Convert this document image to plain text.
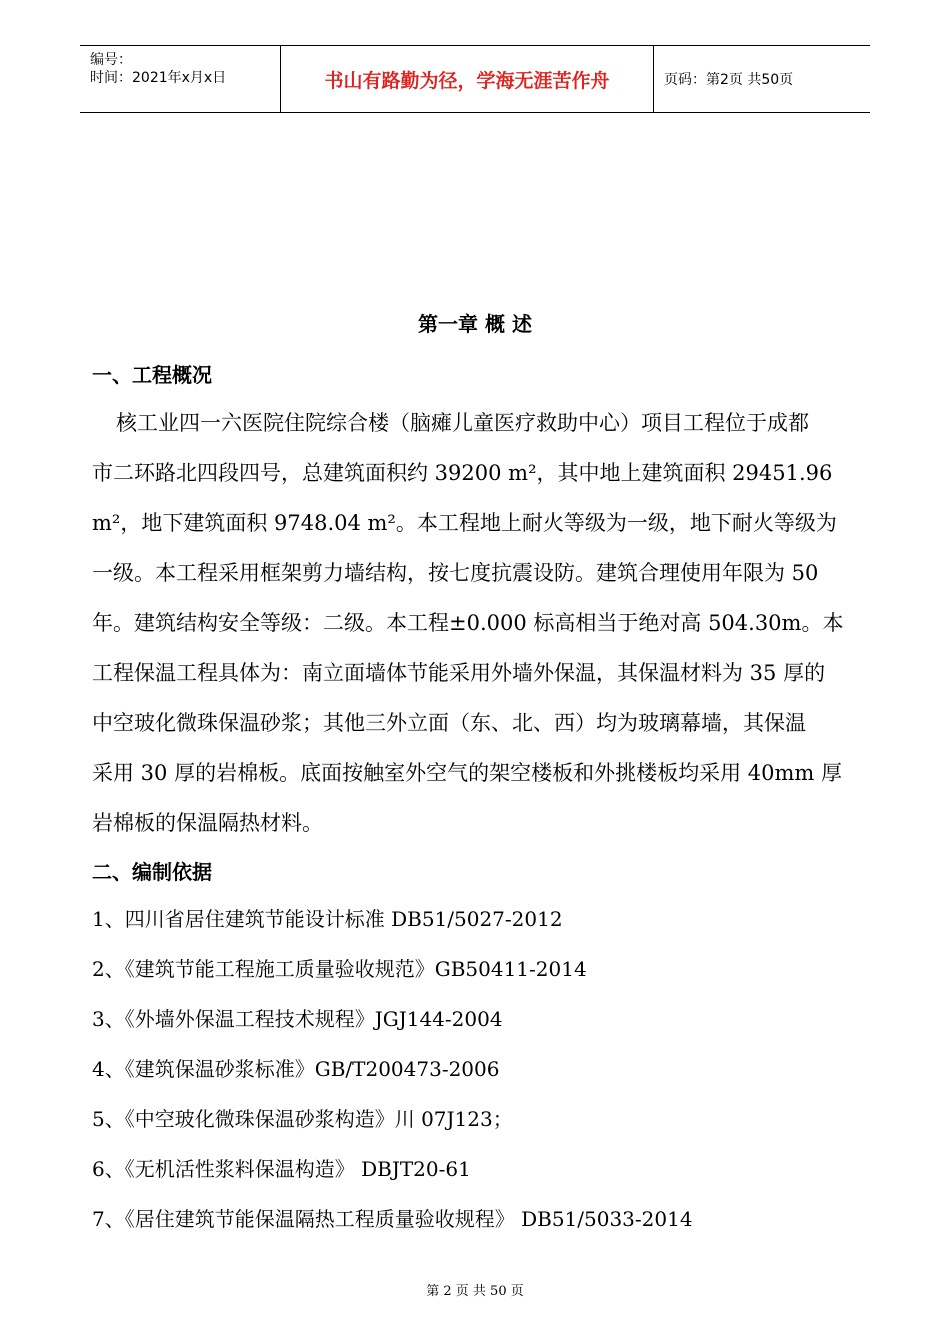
编号：
时间：2021年x月x日	书山有路勤为径，学海无涯苦作舟	页码：第2页 共50页
第一章 概 述
一、工程概况
核工业四一六医院住院综合楼（脑瘫儿童医疗救助中心）项目工程位于成都
市二环路北四段四号，总建筑面积约 39200 m²，其中地上建筑面积 29451.96
m²，地下建筑面积 9748.04 m²。本工程地上耐火等级为一级，地下耐火等级为
一级。本工程采用框架剪力墙结构，按七度抗震设防。建筑合理使用年限为 50
年。建筑结构安全等级：二级。本工程±0.000 标高相当于绝对高 504.30m。本
工程保温工程具体为：南立面墙体节能采用外墙外保温，其保温材料为 35 厚的
中空玻化微珠保温砂浆；其他三外立面（东、北、西）均为玻璃幕墙，其保温
采用 30 厚的岩棉板。底面按触室外空气的架空楼板和外挑楼板均采用 40mm 厚
岩棉板的保温隔热材料。
二、编制依据
1、四川省居住建筑节能设计标准 DB51/5027-2012
2、《建筑节能工程施工质量验收规范》GB50411-2014
3、《外墙外保温工程技术规程》JGJ144-2004
4、《建筑保温砂浆标准》GB/T200473-2006
5、《中空玻化微珠保温砂浆构造》川 07J123；
6、《无机活性浆料保温构造》 DBJT20-61
7、《居住建筑节能保温隔热工程质量验收规程》 DB51/5033-2014
第 2 页 共 50 页
